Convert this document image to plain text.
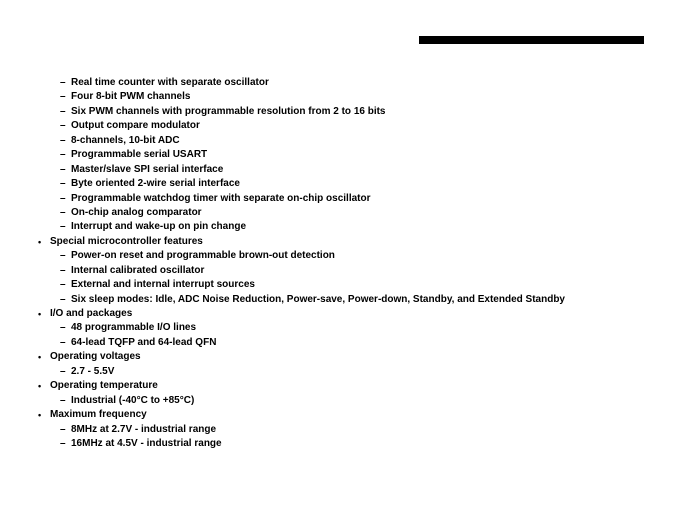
– Real time counter with separate oscillator
– Four 8-bit PWM channels
– Six PWM channels with programmable resolution from 2 to 16 bits
– Output compare modulator
– 8-channels, 10-bit ADC
– Programmable serial USART
– Master/slave SPI serial interface
– Byte oriented 2-wire serial interface
– Programmable watchdog timer with separate on-chip oscillator
– On-chip analog comparator
– Interrupt and wake-up on pin change
• Special microcontroller features
– Power-on reset and programmable brown-out detection
– Internal calibrated oscillator
– External and internal interrupt sources
– Six sleep modes: Idle, ADC Noise Reduction, Power-save, Power-down, Standby, and Extended Standby
• I/O and packages
– 48 programmable I/O lines
– 64-lead TQFP and 64-lead QFN
• Operating voltages
– 2.7 - 5.5V
• Operating temperature
– Industrial (-40°C to +85°C)
• Maximum frequency
– 8MHz at 2.7V - industrial range
– 16MHz at 4.5V - industrial range
